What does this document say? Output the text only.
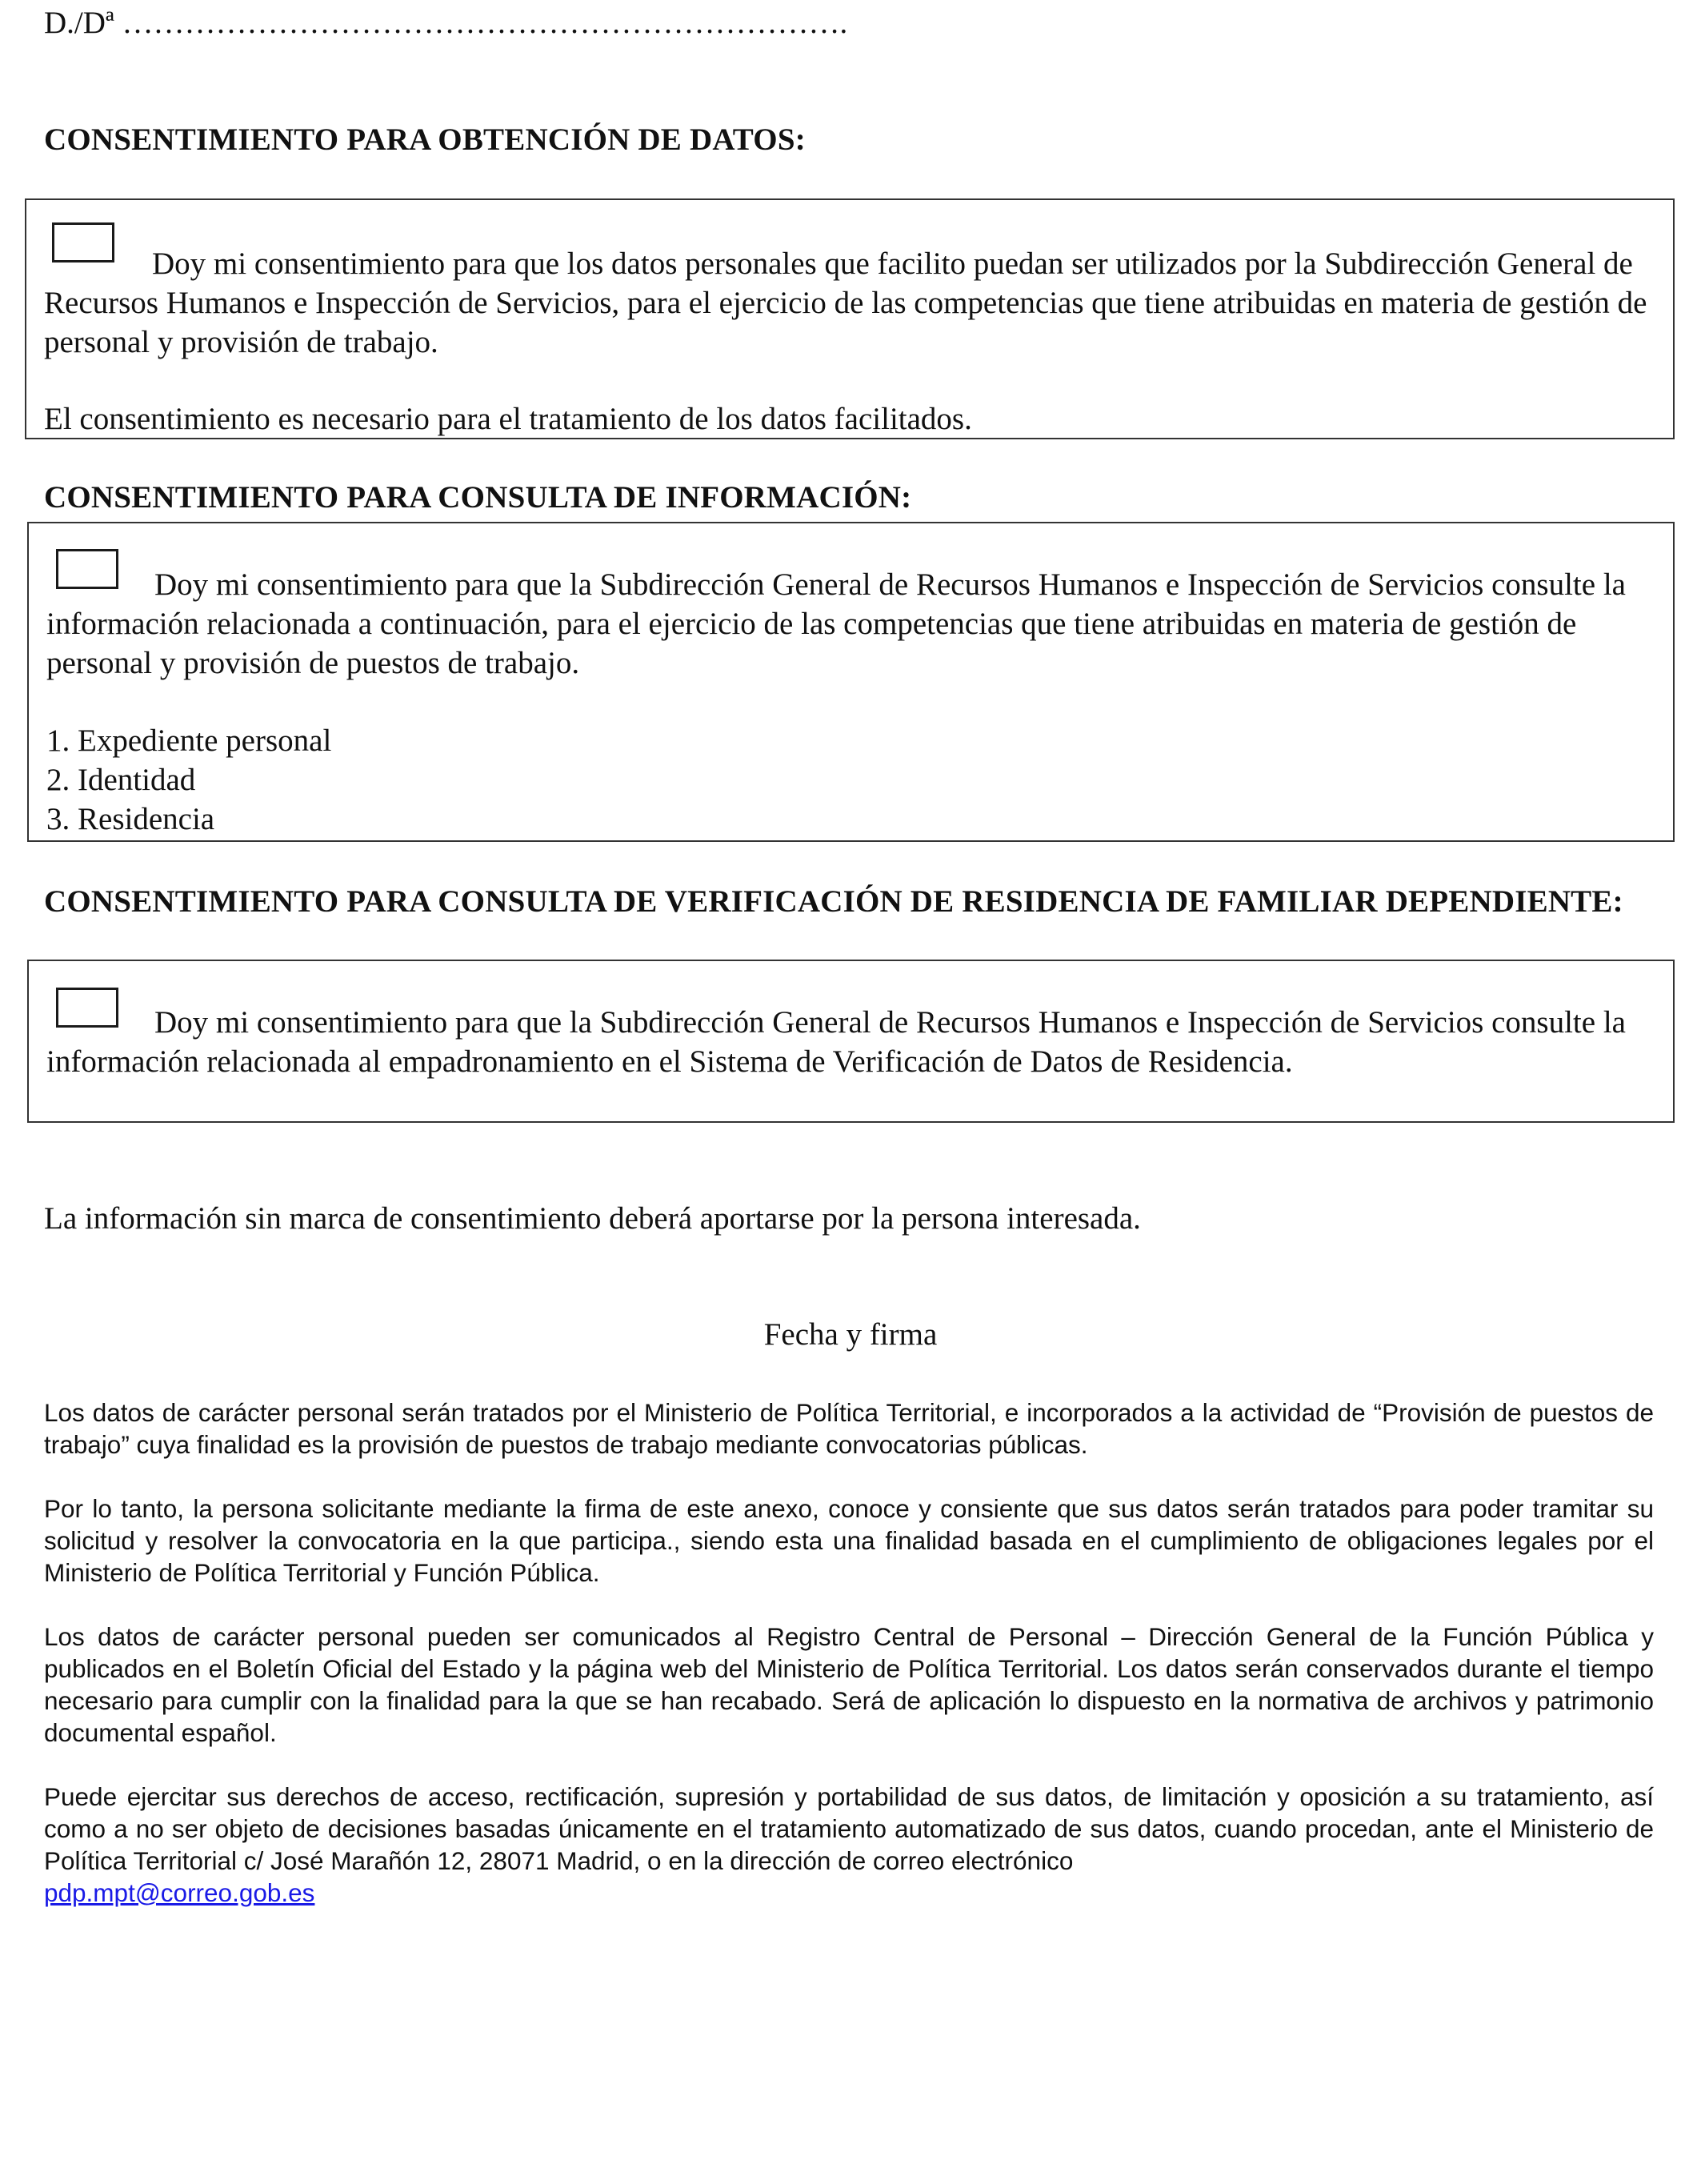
D./Dª …………………………………………………………….
CONSENTIMIENTO PARA OBTENCIÓN DE DATOS:

Doy mi consentimiento para que los datos personales que facilito puedan ser utilizados por la Subdirección General de Recursos Humanos e Inspección de Servicios, para el ejercicio de las competencias que tiene atribuidas en materia de gestión de personal y provisión de trabajo.

El consentimiento es necesario para el tratamiento de los datos facilitados.

CONSENTIMIENTO PARA CONSULTA DE INFORMACIÓN:

Doy mi consentimiento para que la Subdirección General de Recursos Humanos e Inspección de Servicios consulte la información relacionada a continuación, para el ejercicio de las competencias que tiene atribuidas en materia de gestión de personal y provisión de puestos de trabajo.

1. Expediente personal
2. Identidad
3. Residencia
CONSENTIMIENTO PARA CONSULTA DE VERIFICACIÓN DE RESIDENCIA DE FAMILIAR DEPENDIENTE:

Doy mi consentimiento para que la Subdirección General de Recursos Humanos e Inspección de Servicios consulte la información relacionada al empadronamiento en el Sistema de Verificación de Datos de Residencia.

La información sin marca de consentimiento deberá aportarse por la persona interesada.
Fecha y firma

Los datos de carácter personal serán tratados por el Ministerio de Política Territorial, e incorporados a la actividad de “Provisión de puestos de trabajo” cuya finalidad es la provisión de puestos de trabajo mediante convocatorias públicas.

Por lo tanto, la persona solicitante mediante la firma de este anexo, conoce y consiente que sus datos serán tratados para poder tramitar su solicitud y resolver la convocatoria en la que participa., siendo esta una finalidad basada en el cumplimiento de obligaciones legales por el Ministerio de Política Territorial y Función Pública.

Los datos de carácter personal pueden ser comunicados al Registro Central de Personal – Dirección General de la Función Pública y publicados en el Boletín Oficial del Estado y la página web del Ministerio de Política Territorial. Los datos serán conservados durante el tiempo necesario para cumplir con la finalidad para la que se han recabado. Será de aplicación lo dispuesto en la normativa de archivos y patrimonio documental español.

Puede ejercitar sus derechos de acceso, rectificación, supresión y portabilidad de sus datos, de limitación y oposición a su tratamiento, así como a no ser objeto de decisiones basadas únicamente en el tratamiento automatizado de sus datos, cuando procedan, ante el Ministerio de Política Territorial c/ José Marañón 12, 28071 Madrid, o en la dirección de correo electrónico
pdp.mpt@correo.gob.es
